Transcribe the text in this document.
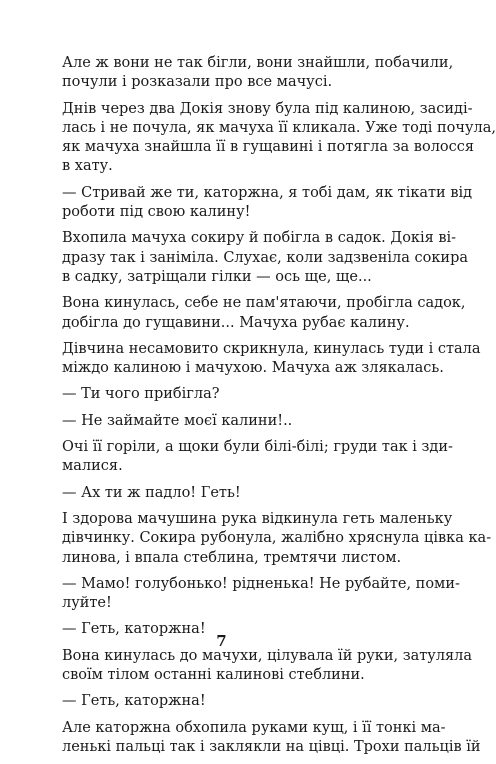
Але ж вони не так бігли, вони знайшли, побачили,
почули і розказали про все мачусі.

Днів через два Докія знову була під калиною, засиді-
лась і не почула, як мачуха її кликала. Уже тоді почула,
як мачуха знайшла її в гущавині і потягла за волосся
в хату.

— Стривай же ти, каторжна, я тобі дам, як тікати від
роботи під свою калину!

Вхопила мачуха сокиру й побігла в садок. Докія ві-
дразу так і заніміла. Слухає, коли задзвеніла сокира
в садку, затріщали гілки — ось ще, ще...

Вона кинулась, себе не пам'ятаючи, пробігла садок,
добігла до гущавини... Мачуха рубає калину.

Дівчина несамовито скрикнула, кинулась туди і стала
міждо калиною і мачухою. Мачуха аж злякалась.

— Ти чого прибігла?

— Не займайте моєї калини!..

Очі її горіли, а щоки були білі-білі; груди так і зди-
малися.

— Ах ти ж падло! Геть!

І здорова мачушина рука відкинула геть маленьку
дівчинку. Сокира рубонула, жалібно хряснула цівка ка-
линова, і впала стеблина, тремтячи листом.

— Мамо! голубонько! рідненька! Не рубайте, поми-
луйте!

— Геть, каторжна!

Вона кинулась до мачухи, цілувала їй руки, затуляла
своїм тілом останні калинові стеблини.

— Геть, каторжна!

Але каторжна обхопила руками кущ, і її тонкі ма-
ленькі пальці так і заклякли на цівці. Трохи пальців їй

7
